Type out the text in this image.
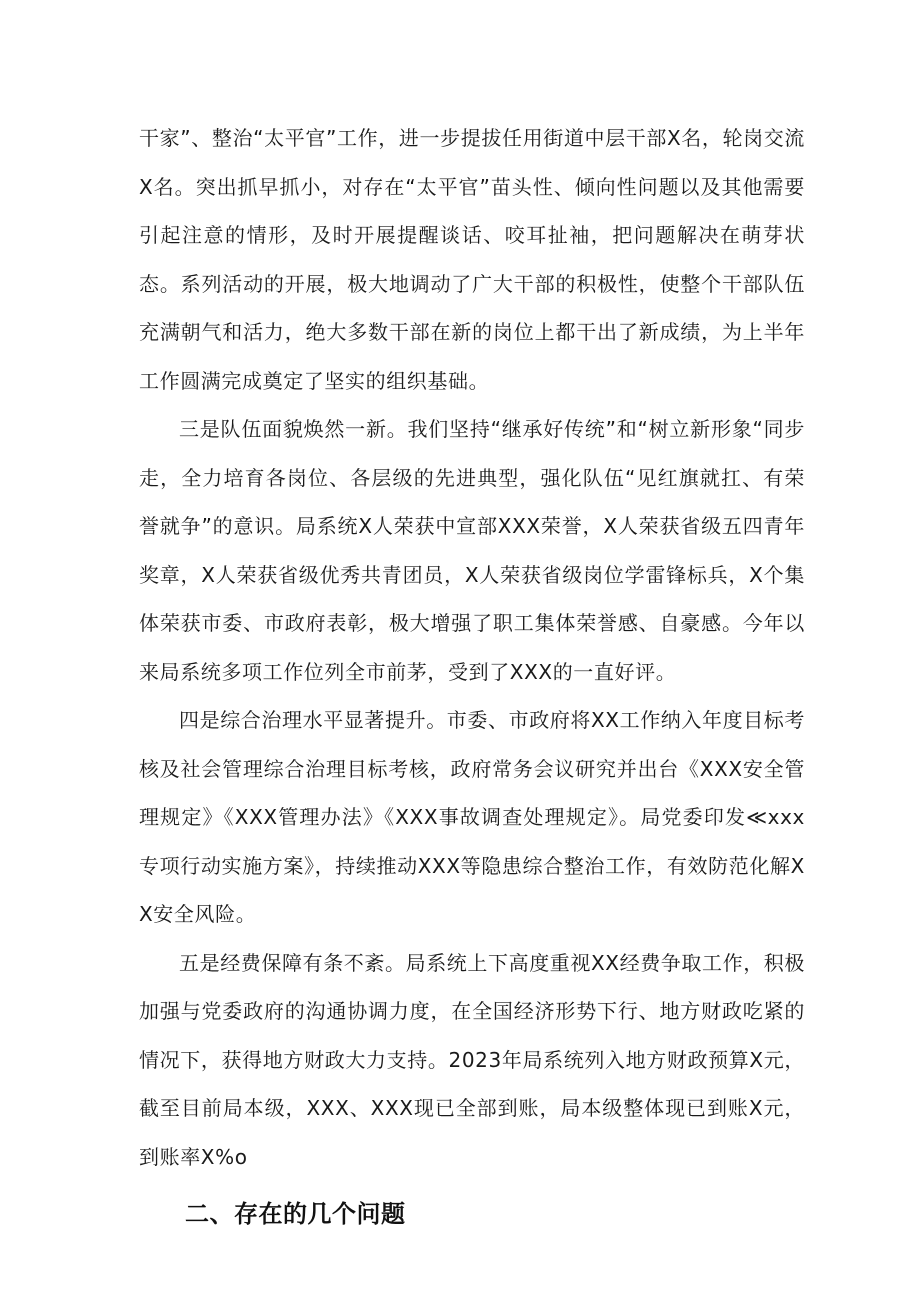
干家”、整治“太平官”工作，进一步提拔任用街道中层干部X名，轮岗交流X名。突出抓早抓小，对存在“太平官”苗头性、倾向性问题以及其他需要引起注意的情形，及时开展提醒谈话、咬耳扯袖，把问题解决在萌芽状态。系列活动的开展，极大地调动了广大干部的积极性，使整个干部队伍充满朝气和活力，绝大多数干部在新的岗位上都干出了新成绩，为上半年工作圆满完成奠定了坚实的组织基础。

三是队伍面貌焕然一新。我们坚持“继承好传统”和“树立新形象“同步走，全力培育各岗位、各层级的先进典型，强化队伍“见红旗就扛、有荣誉就争”的意识。局系统X人荣获中宣部XXX荣誉，X人荣获省级五四青年奖章，X人荣获省级优秀共青团员，X人荣获省级岗位学雷锋标兵，X个集体荣获市委、市政府表彰，极大增强了职工集体荣誉感、自豪感。今年以来局系统多项工作位列全市前茅，受到了XXX的一直好评。

四是综合治理水平显著提升。市委、市政府将XX工作纳入年度目标考核及社会管理综合治理目标考核，政府常务会议研究并出台《XXX安全管理规定》《XXX管理办法》《XXX事故调查处理规定》。局党委印发≪xxx专项行动实施方案》，持续推动XXX等隐患综合整治工作，有效防范化解XX安全风险。

五是经费保障有条不紊。局系统上下高度重视XX经费争取工作，积极加强与党委政府的沟通协调力度，在全国经济形势下行、地方财政吃紧的情况下，获得地方财政大力支持。2023年局系统列入地方财政预算X元，截至目前局本级，XXX、XXX现已全部到账，局本级整体现已到账X元，到账率X%o

二、存在的几个问题
